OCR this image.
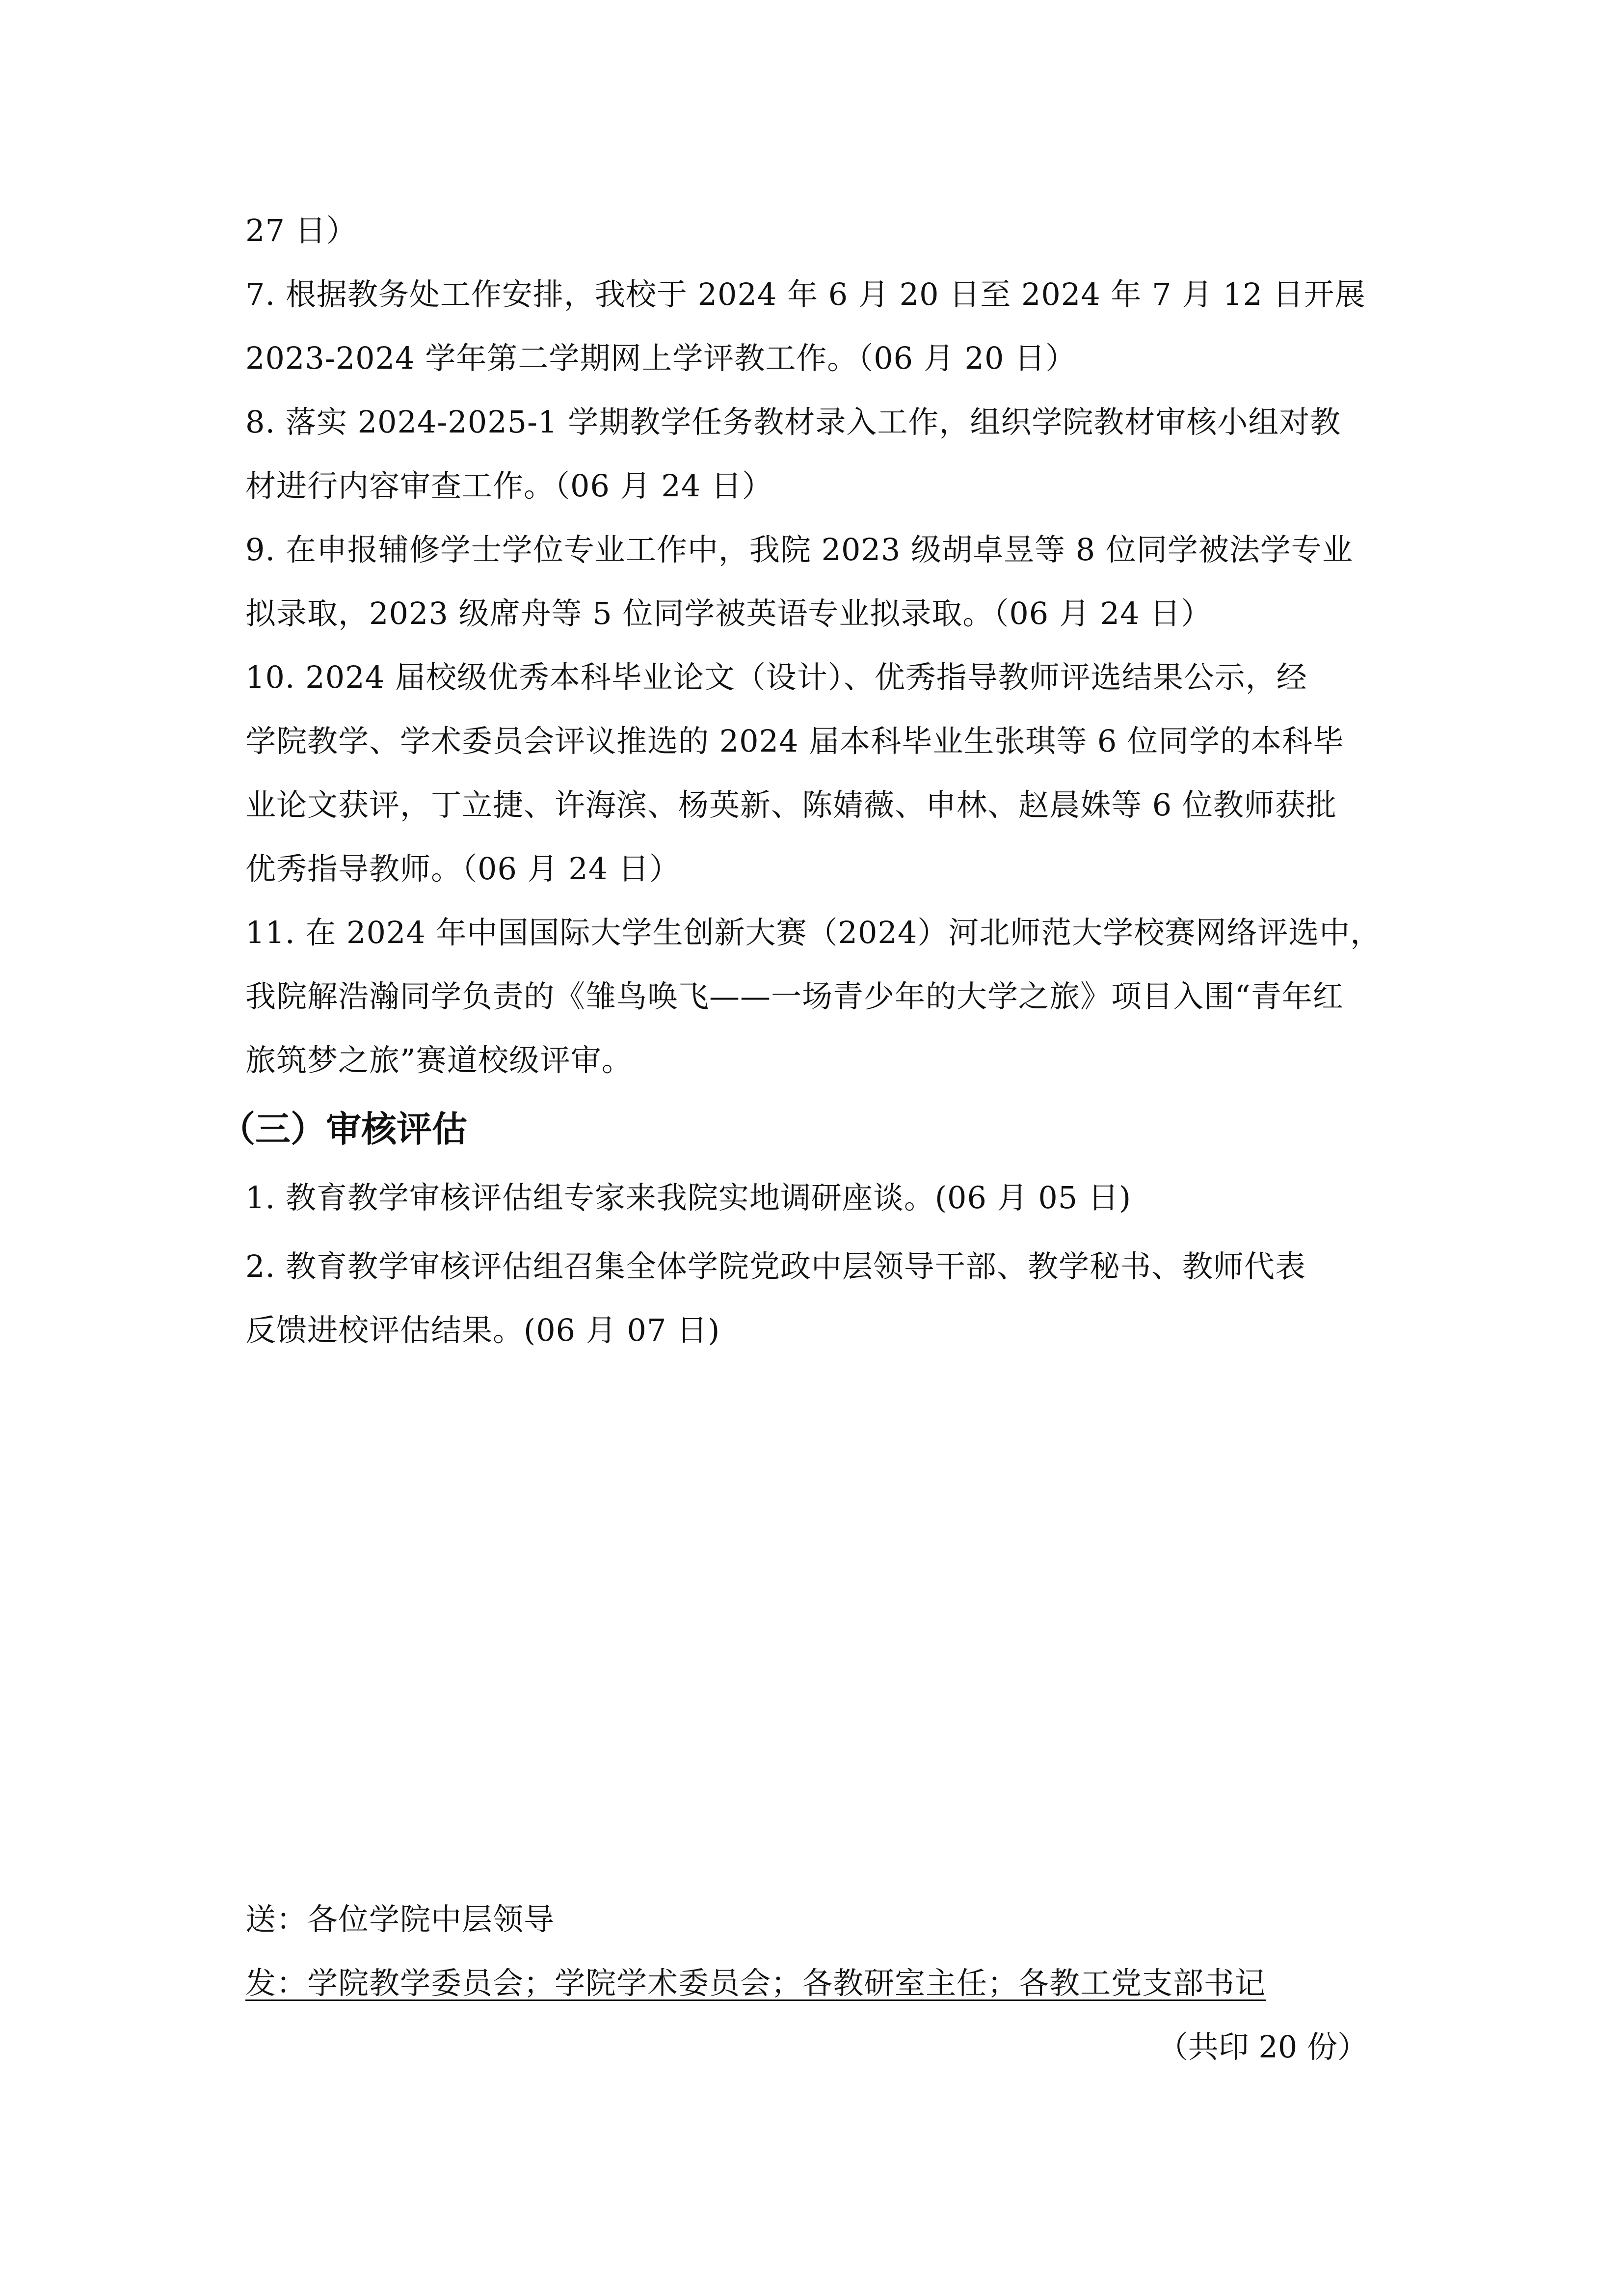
27 日）
7. 根据教务处工作安排，我校于 2024 年 6 月 20 日至 2024 年 7 月 12 日开展
2023-2024 学年第二学期网上学评教工作。（06 月 20 日）
8. 落实 2024-2025-1 学期教学任务教材录入工作，组织学院教材审核小组对教
材进行内容审查工作。（06 月 24 日）
9. 在申报辅修学士学位专业工作中，我院 2023 级胡卓昱等 8 位同学被法学专业
拟录取，2023 级席舟等 5 位同学被英语专业拟录取。（06 月 24 日）
10. 2024 届校级优秀本科毕业论文（设计）、优秀指导教师评选结果公示，经
学院教学、学术委员会评议推选的 2024 届本科毕业生张琪等 6 位同学的本科毕
业论文获评，丁立捷、许海滨、杨英新、陈婧薇、申林、赵晨姝等 6 位教师获批
优秀指导教师。（06 月 24 日）
11. 在 2024 年中国国际大学生创新大赛（2024）河北师范大学校赛网络评选中，
我院解浩瀚同学负责的《雏鸟唤飞——一场青少年的大学之旅》项目入围“青年红
旅筑梦之旅”赛道校级评审。
（三）审核评估
1. 教育教学审核评估组专家来我院实地调研座谈。(06 月 05 日)
2. 教育教学审核评估组召集全体学院党政中层领导干部、教学秘书、教师代表
反馈进校评估结果。(06 月 07 日)
送：各位学院中层领导
发：学院教学委员会；学院学术委员会；各教研室主任；各教工党支部书记
（共印 20 份）
